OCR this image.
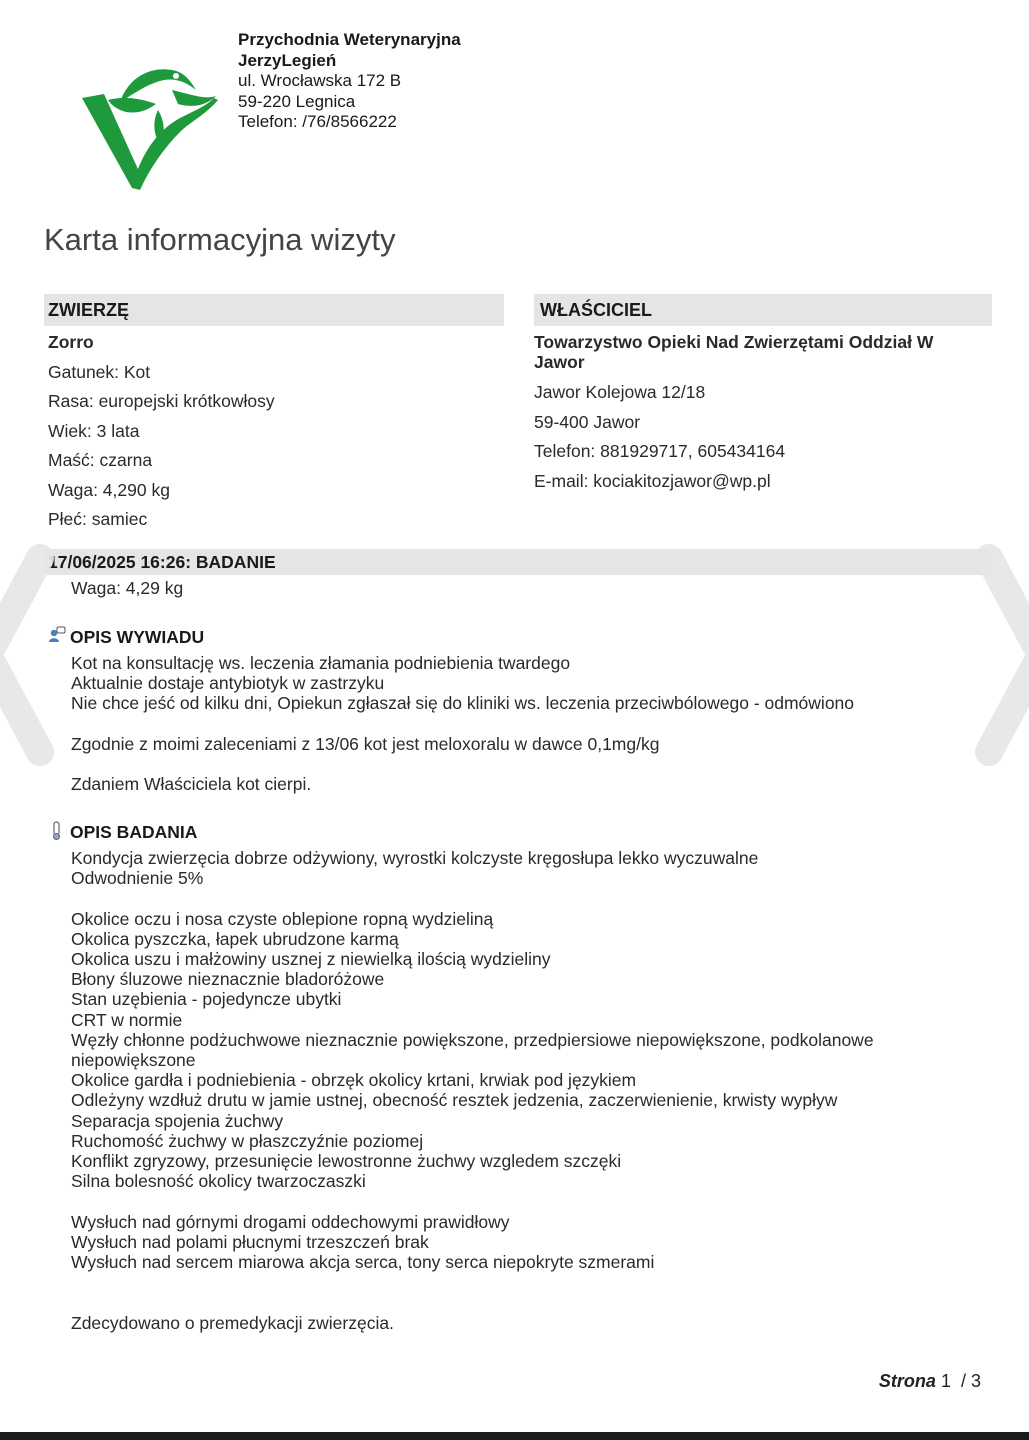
Przychodnia Weterynaryjna
JerzyLegień
ul. Wrocławska 172 B
59-220 Legnica
Telefon: /76/8566222
Karta informacyjna wizyty
ZWIERZĘ
Zorro
Gatunek: Kot
Rasa: europejski krótkowłosy
Wiek: 3 lata
Maść: czarna
Waga: 4,290 kg
Płeć: samiec
WŁAŚCICIEL
Towarzystwo Opieki Nad Zwierzętami Oddział W Jawor
Jawor Kolejowa 12/18
59-400 Jawor
Telefon: 881929717, 605434164
E-mail: kociakitozjawor@wp.pl
17/06/2025 16:26: BADANIE
Waga: 4,29 kg
OPIS WYWIADU
Kot na konsultację ws. leczenia złamania podniebienia twardego
Aktualnie dostaje antybiotyk w zastrzyku
Nie chce jeść od kilku dni, Opiekun zgłaszał się do kliniki ws. leczenia przeciwbólowego - odmówiono
Zgodnie z moimi zaleceniami z 13/06 kot jest meloxoralu w dawce 0,1mg/kg
Zdaniem Właściciela kot cierpi.
OPIS BADANIA
Kondycja zwierzęcia dobrze odżywiony, wyrostki kolczyste kręgosłupa lekko wyczuwalne
Odwodnienie 5%
Okolice oczu i nosa czyste oblepione ropną wydzieliną
Okolica pyszczka, łapek ubrudzone karmą
Okolica uszu i małżowiny usznej z niewielką ilością wydzieliny
Błony śluzowe nieznacznie bladoróżowe
Stan uzębienia - pojedyncze ubytki
CRT w normie
Węzły chłonne podżuchwowe nieznacznie powiększone, przedpiersiowe niepowiększone, podkolanowe
niepowiększone
Okolice gardła i podniebienia - obrzęk okolicy krtani, krwiak pod językiem
Odleżyny wzdłuż drutu w jamie ustnej, obecność resztek jedzenia, zaczerwienienie, krwisty wypływ
Separacja spojenia żuchwy
Ruchomość żuchwy w płaszczyźnie poziomej
Konflikt zgryzowy, przesunięcie lewostronne żuchwy wzgledem szczęki
Silna bolesność okolicy twarzoczaszki
Wysłuch nad górnymi drogami oddechowymi prawidłowy
Wysłuch nad polami płucnymi trzeszczeń brak
Wysłuch nad sercem miarowa akcja serca, tony serca niepokryte szmerami
Zdecydowano o premedykacji zwierzęcia.
Strona 1 / 3
